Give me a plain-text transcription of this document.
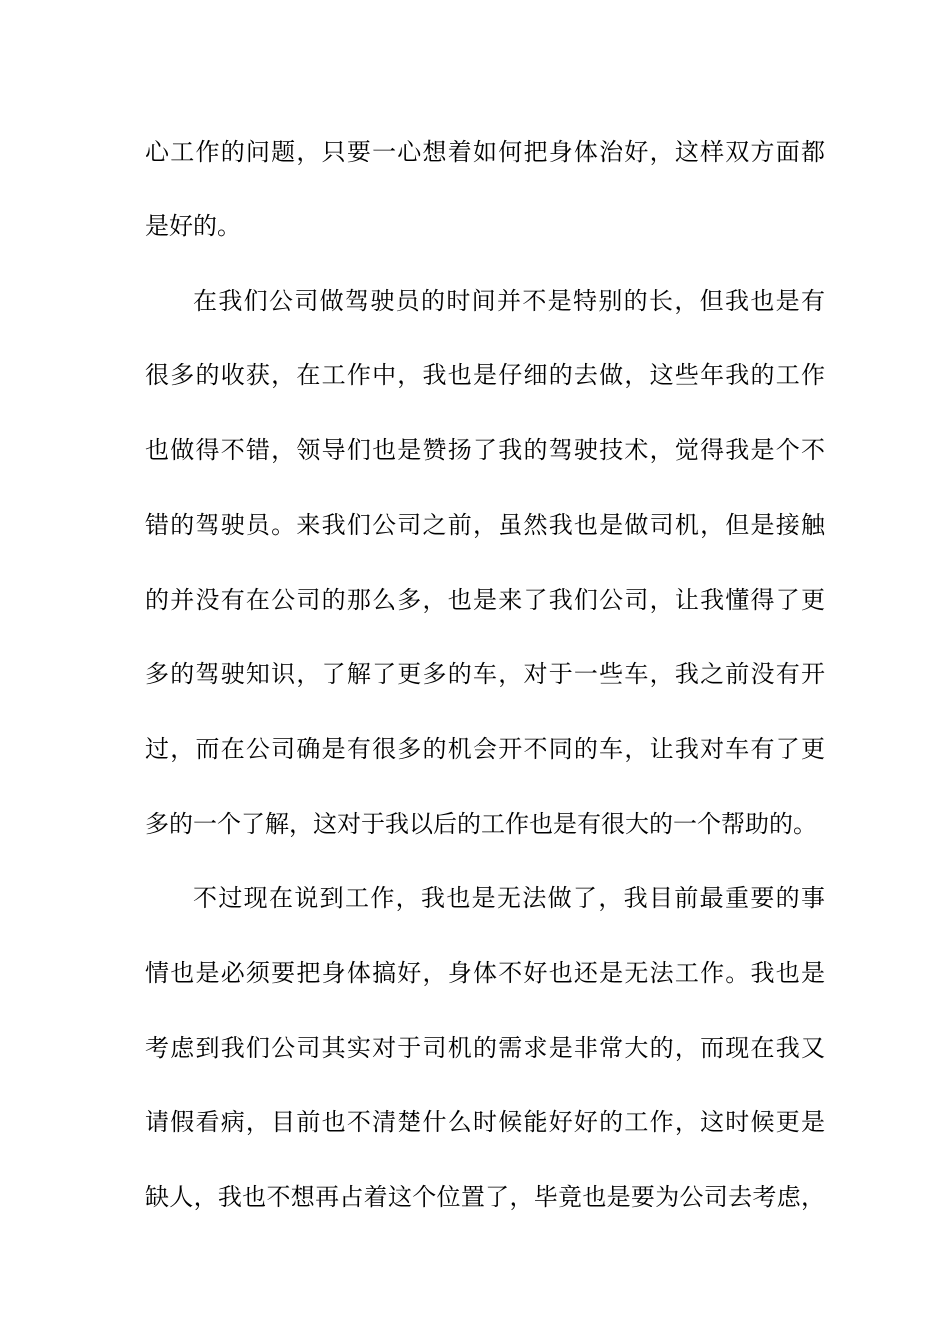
心工作的问题，只要一心想着如何把身体治好，这样双方面都
是好的。
在我们公司做驾驶员的时间并不是特别的长，但我也是有
很多的收获，在工作中，我也是仔细的去做，这些年我的工作
也做得不错，领导们也是赞扬了我的驾驶技术，觉得我是个不
错的驾驶员。来我们公司之前，虽然我也是做司机，但是接触
的并没有在公司的那么多，也是来了我们公司，让我懂得了更
多的驾驶知识，了解了更多的车，对于一些车，我之前没有开
过，而在公司确是有很多的机会开不同的车，让我对车有了更
多的一个了解，这对于我以后的工作也是有很大的一个帮助的。
不过现在说到工作，我也是无法做了，我目前最重要的事
情也是必须要把身体搞好，身体不好也还是无法工作。我也是
考虑到我们公司其实对于司机的需求是非常大的，而现在我又
请假看病，目前也不清楚什么时候能好好的工作，这时候更是
缺人，我也不想再占着这个位置了，毕竟也是要为公司去考虑，
